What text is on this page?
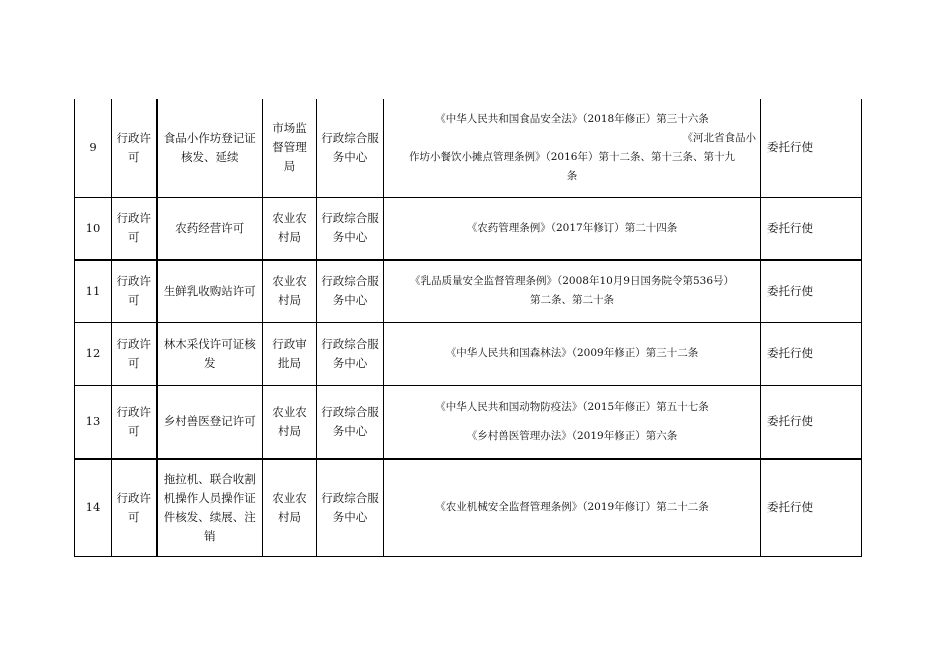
9	行政许可	食品小作坊登记证核发、延续	市场监督管理局	行政综合服务中心	《中华人民共和国食品安全法》（2018年修正）第三十六条
《河北省食品小
作坊小餐饮小摊点管理条例》（2016年）第十二条、第十三条、第十九
条	委托行使
10	行政许可	农药经营许可	农业农村局	行政综合服务中心	《农药管理条例》（2017年修订）第二十四条	委托行使
11	行政许可	生鲜乳收购站许可	农业农村局	行政综合服务中心	《乳品质量安全监督管理条例》（2008年10月9日国务院令第536号）
第二条、第二十条	委托行使
12	行政许可	林木采伐许可证核发	行政审批局	行政综合服务中心	《中华人民共和国森林法》（2009年修正）第三十二条	委托行使
13	行政许可	乡村兽医登记许可	农业农村局	行政综合服务中心	《中华人民共和国动物防疫法》（2015年修正）第五十七条
《乡村兽医管理办法》（2019年修正）第六条	委托行使
14	行政许可	拖拉机、联合收割机操作人员操作证件核发、续展、注销	农业农村局	行政综合服务中心	《农业机械安全监督管理条例》（2019年修订）第二十二条	委托行使
